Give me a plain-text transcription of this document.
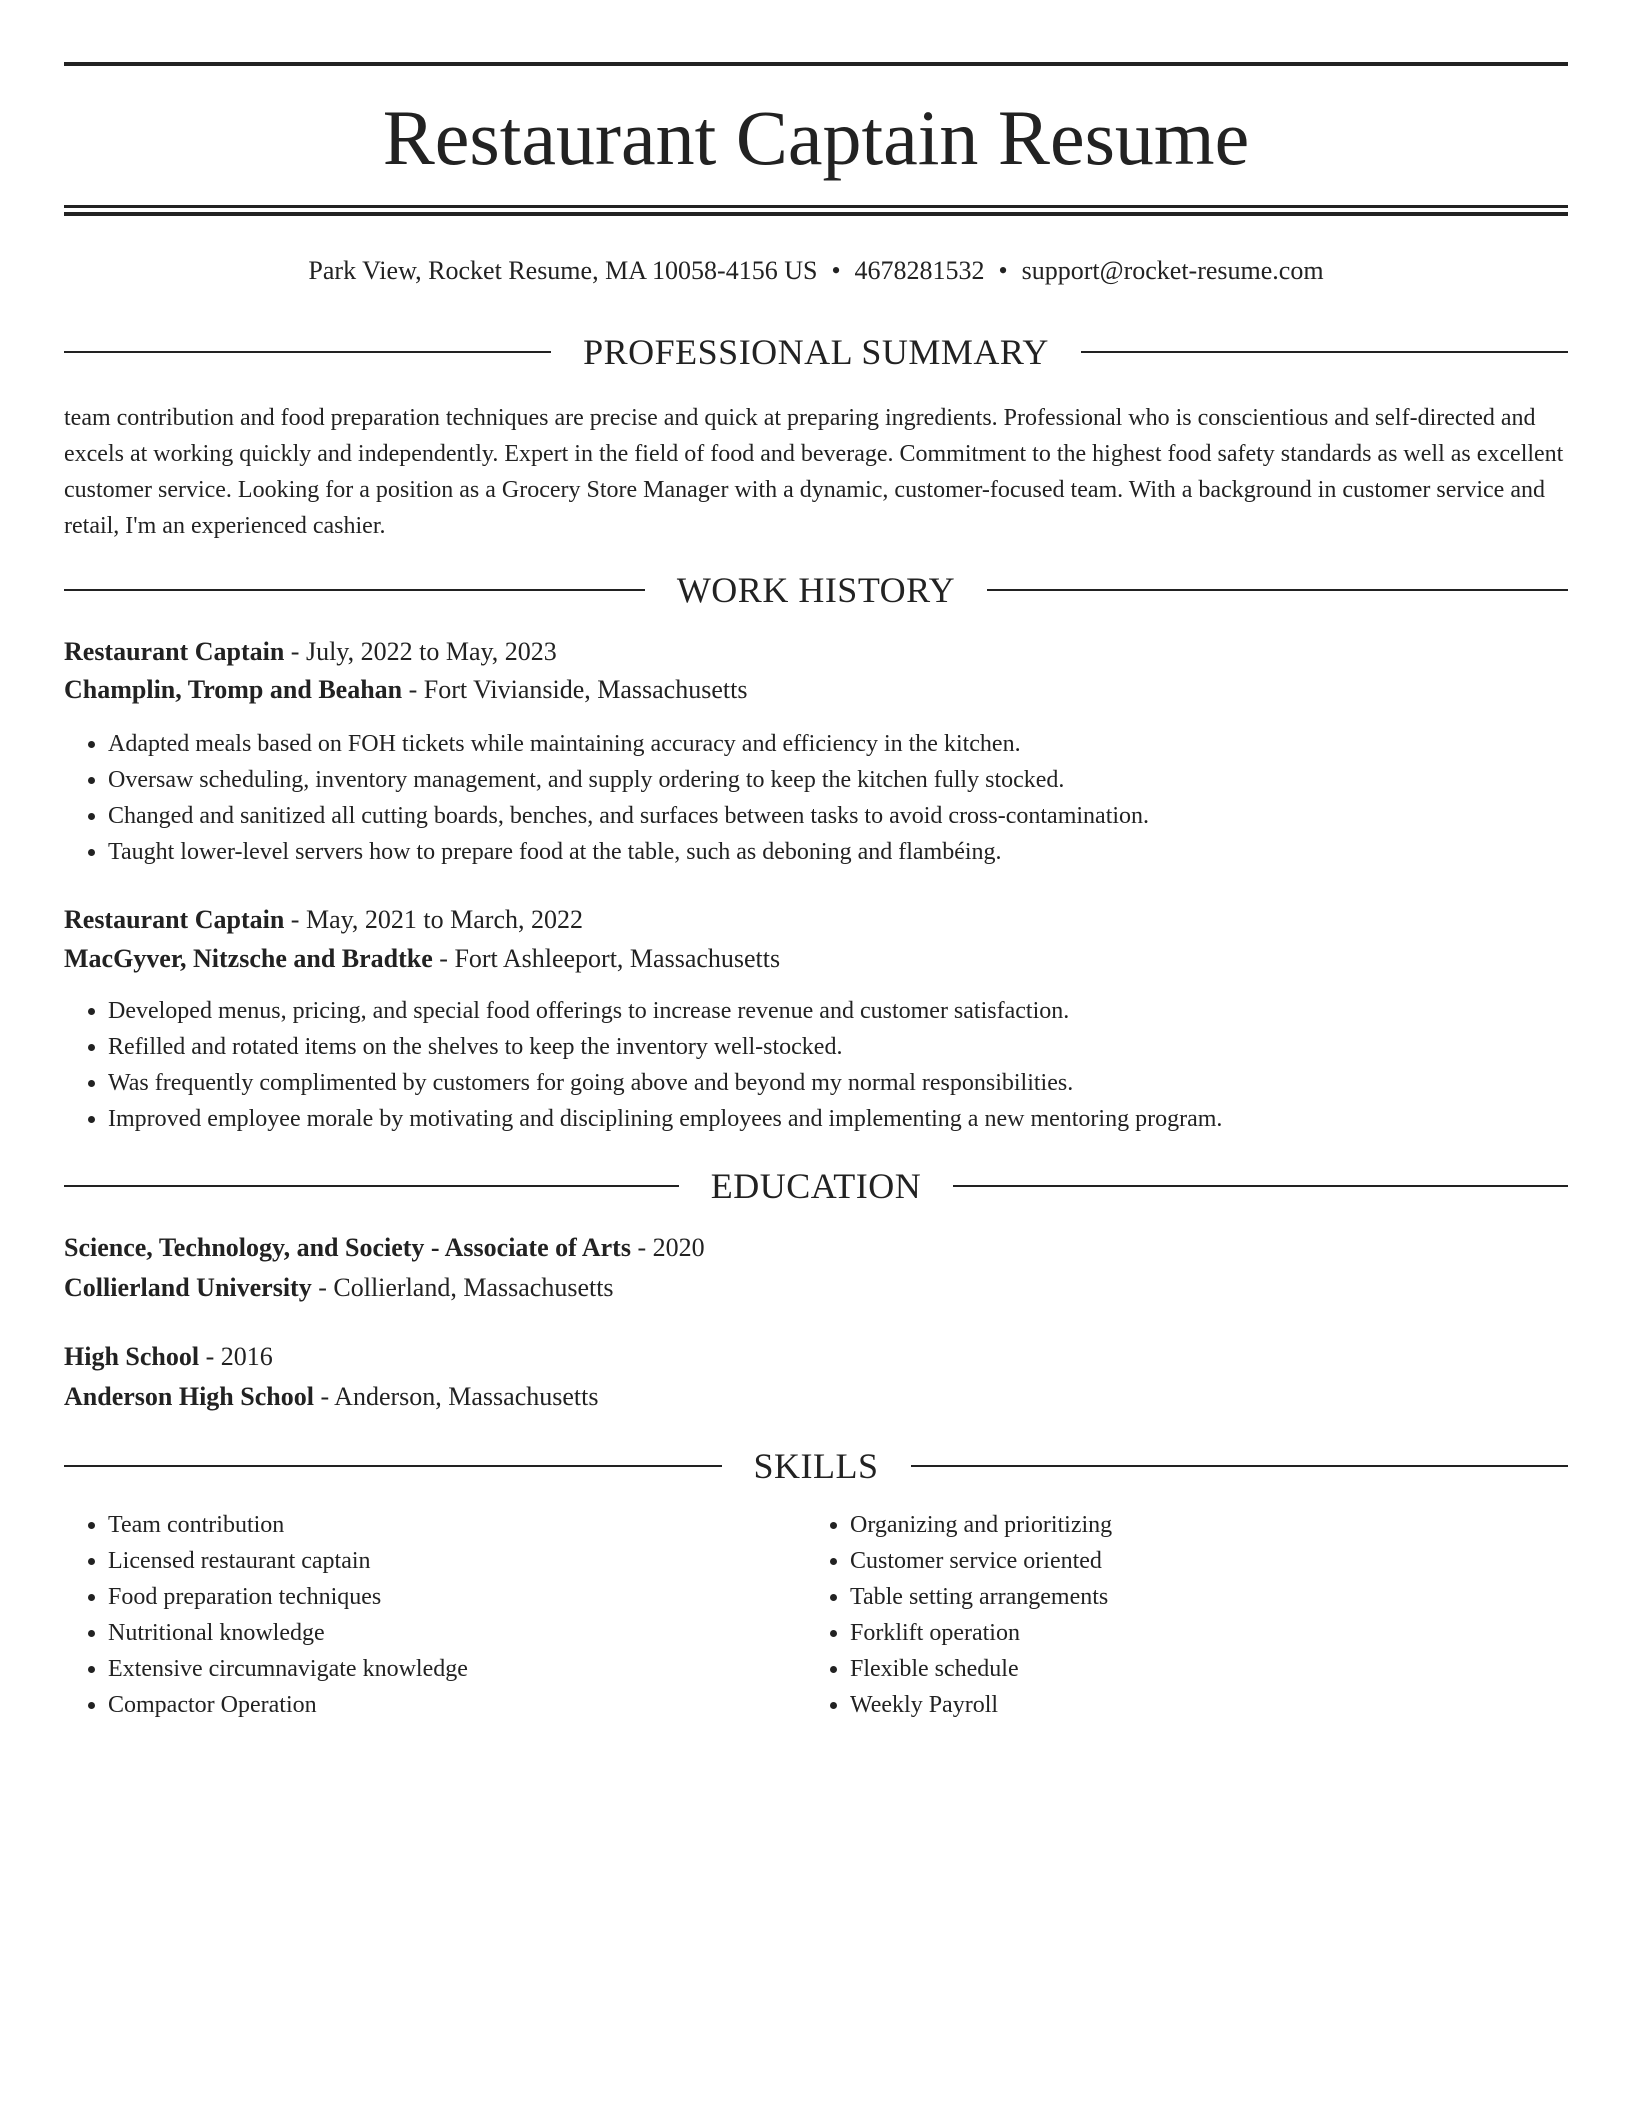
Restaurant Captain Resume
Park View, Rocket Resume, MA 10058-4156 US • 4678281532 • support@rocket-resume.com
PROFESSIONAL SUMMARY

team contribution and food preparation techniques are precise and quick at preparing ingredients. Professional who is conscientious and self-directed and excels at working quickly and independently. Expert in the field of food and beverage. Commitment to the highest food safety standards as well as excellent customer service. Looking for a position as a Grocery Store Manager with a dynamic, customer-focused team. With a background in customer service and retail, I'm an experienced cashier.

WORK HISTORY
Restaurant Captain - July, 2022 to May, 2023
Champlin, Tromp and Beahan - Fort Vivianside, Massachusetts
• Adapted meals based on FOH tickets while maintaining accuracy and efficiency in the kitchen.
• Oversaw scheduling, inventory management, and supply ordering to keep the kitchen fully stocked.
• Changed and sanitized all cutting boards, benches, and surfaces between tasks to avoid cross-contamination.
• Taught lower-level servers how to prepare food at the table, such as deboning and flambéing.
Restaurant Captain - May, 2021 to March, 2022
MacGyver, Nitzsche and Bradtke - Fort Ashleeport, Massachusetts
• Developed menus, pricing, and special food offerings to increase revenue and customer satisfaction.
• Refilled and rotated items on the shelves to keep the inventory well-stocked.
• Was frequently complimented by customers for going above and beyond my normal responsibilities.
• Improved employee morale by motivating and disciplining employees and implementing a new mentoring program.
EDUCATION
Science, Technology, and Society - Associate of Arts - 2020
Collierland University - Collierland, Massachusetts
High School - 2016
Anderson High School - Anderson, Massachusetts
SKILLS
• Team contribution
• Licensed restaurant captain
• Food preparation techniques
• Nutritional knowledge
• Extensive circumnavigate knowledge
• Compactor Operation
• Organizing and prioritizing
• Customer service oriented
• Table setting arrangements
• Forklift operation
• Flexible schedule
• Weekly Payroll
